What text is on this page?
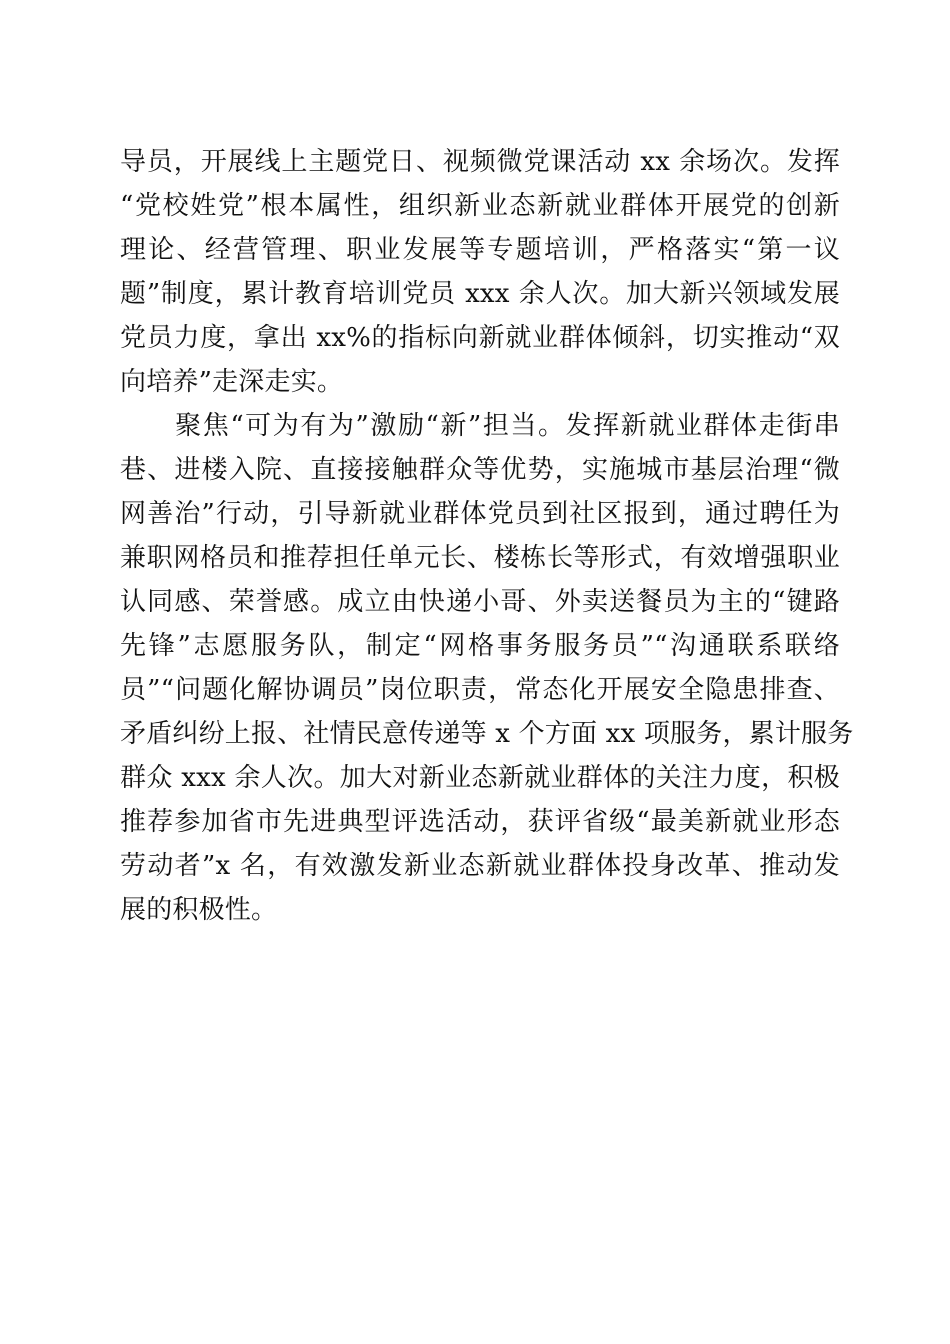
导员，开展线上主题党日、视频微党课活动 xx 余场次。发挥
“党校姓党”根本属性，组织新业态新就业群体开展党的创新
理论、经营管理、职业发展等专题培训，严格落实“第一议
题”制度，累计教育培训党员 xxx 余人次。加大新兴领域发展
党员力度，拿出 xx%的指标向新就业群体倾斜，切实推动“双
向培养”走深走实。
　　聚焦“可为有为”激励“新”担当。发挥新就业群体走街串
巷、进楼入院、直接接触群众等优势，实施城市基层治理“微
网善治”行动，引导新就业群体党员到社区报到，通过聘任为
兼职网格员和推荐担任单元长、楼栋长等形式，有效增强职业
认同感、荣誉感。成立由快递小哥、外卖送餐员为主的“键路
先锋”志愿服务队，制定“网格事务服务员”“沟通联系联络
员”“问题化解协调员”岗位职责，常态化开展安全隐患排查、
矛盾纠纷上报、社情民意传递等 x 个方面 xx 项服务，累计服务
群众 xxx 余人次。加大对新业态新就业群体的关注力度，积极
推荐参加省市先进典型评选活动，获评省级“最美新就业形态
劳动者”x 名，有效激发新业态新就业群体投身改革、推动发
展的积极性。
